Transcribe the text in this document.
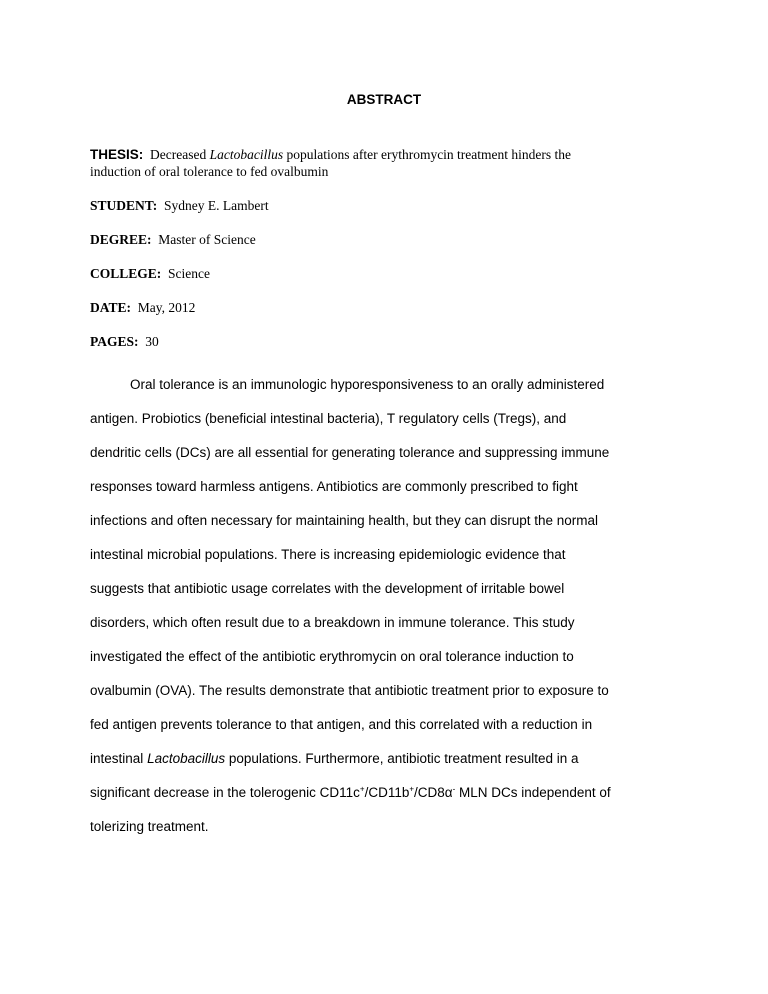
ABSTRACT
THESIS: Decreased Lactobacillus populations after erythromycin treatment hinders the
induction of oral tolerance to fed ovalbumin
STUDENT: Sydney E. Lambert
DEGREE: Master of Science
COLLEGE: Science
DATE: May, 2012
PAGES: 30
Oral tolerance is an immunologic hyporesponsiveness to an orally administered
antigen. Probiotics (beneficial intestinal bacteria), T regulatory cells (Tregs), and
dendritic cells (DCs) are all essential for generating tolerance and suppressing immune
responses toward harmless antigens. Antibiotics are commonly prescribed to fight
infections and often necessary for maintaining health, but they can disrupt the normal
intestinal microbial populations. There is increasing epidemiologic evidence that
suggests that antibiotic usage correlates with the development of irritable bowel
disorders, which often result due to a breakdown in immune tolerance. This study
investigated the effect of the antibiotic erythromycin on oral tolerance induction to
ovalbumin (OVA). The results demonstrate that antibiotic treatment prior to exposure to
fed antigen prevents tolerance to that antigen, and this correlated with a reduction in
intestinal Lactobacillus populations. Furthermore, antibiotic treatment resulted in a
significant decrease in the tolerogenic CD11c+/CD11b+/CD8α- MLN DCs independent of
tolerizing treatment.
